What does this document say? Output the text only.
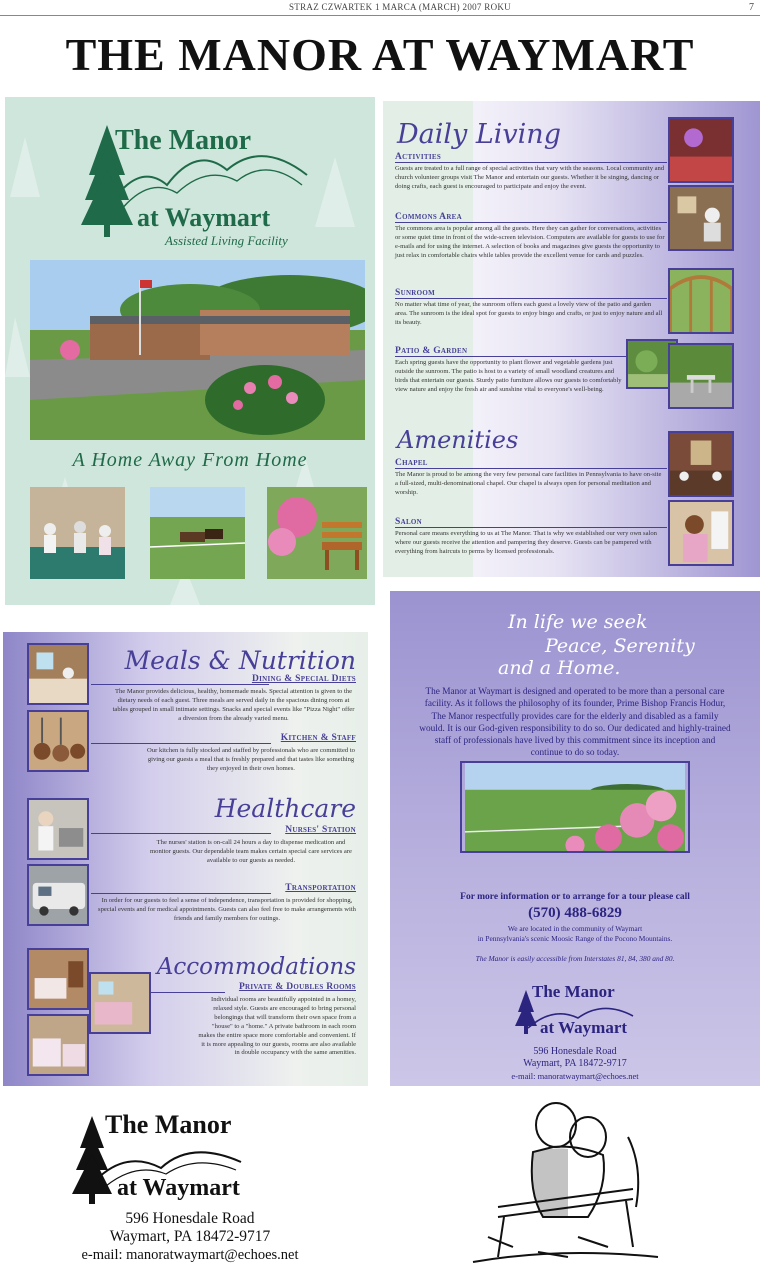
STRAZ CZWARTEK 1 MARCA (MARCH) 2007 ROKU	7
THE MANOR AT WAYMART
The Manor
at Waymart
Assisted Living Facility
A Home Away From Home
Daily Living
Activities
Guests are treated to a full range of special activities that vary with the seasons. Local community and church volunteer groups visit The Manor and entertain our guests. Whether it be singing, dancing or doing crafts, each guest is encouraged to participate and enjoy the event.
Commons Area
The commons area is popular among all the guests. Here they can gather for conversations, activities or some quiet time in front of the wide-screen television. Computers are available for guests to use for e-mails and for using the internet. A selection of books and magazines give guests the opportunity to just relax in comfortable chairs while tables provide the excellent venue for cards and puzzles.
Sunroom
No matter what time of year, the sunroom offers each guest a lovely view of the patio and garden area. The sunroom is the ideal spot for guests to enjoy bingo and crafts, or just to enjoy nature and all its beauty.
Patio & Garden
Each spring guests have the opportunity to plant flower and vegetable gardens just outside the sunroom. The patio is host to a variety of small woodland creatures and birds that entertain our guests. Sturdy patio furniture allows our guests to comfortably view nature and enjoy the fresh air and sunshine vital to everyone's well-being.
Amenities
Chapel
The Manor is proud to be among the very few personal care facilities in Pennsylvania to have on-site a full-sized, multi-denominational chapel. Our chapel is always open for personal meditation and worship.
Salon
Personal care means everything to us at The Manor. That is why we established our very own salon where our guests receive the attention and pampering they deserve. Guests can be pampered with everything from haircuts to perms by licensed professionals.
Meals & Nutrition
Dining & Special Diets
The Manor provides delicious, healthy, homemade meals. Special attention is given to the dietary needs of each guest. Three meals are served daily in the spacious dining room at tables grouped in small intimate settings. Snacks and special events like "Pizza Night" offer a diversion from the already varied menu.
Kitchen & Staff
Our kitchen is fully stocked and staffed by professionals who are committed to giving our guests a meal that is freshly prepared and that tastes like something they enjoyed in their own homes.
Healthcare
Nurses' Station
The nurses' station is on-call 24 hours a day to dispense medication and monitor guests. Our dependable team makes certain special care services are available to our guests as needed.
Transportation
In order for our guests to feel a sense of independence, transportation is provided for shopping, special events and for medical appointments. Guests can also feel free to make arrangements with friends and family members for outings.
Accommodations
Private & Doubles Rooms
Individual rooms are beautifully appointed in a homey, relaxed style. Guests are encouraged to bring personal belongings that will transform their own space from a "house" to a "home." A private bathroom in each room makes the entire space more comfortable and convenient. If it is more appealing to our guests, rooms are also available in double occupancy with the same amenities.
In life we seek
Peace, Serenity
and a Home.
The Manor at Waymart is designed and operated to be more than a personal care facility. As it follows the philosophy of its founder, Prime Bishop Francis Hodur, The Manor respectfully provides care for the elderly and disabled as a family would. It is our God-given responsibility to do so. Our dedicated and highly-trained staff of professionals have lived by this commitment since its inception and continue to do so today.
For more information or to arrange for a tour please call
(570) 488-6829
We are located in the community of Waymart
in Pennsylvania's scenic Moosic Range of the Pocono Mountains.
The Manor is easily accessible from Interstates 81, 84, 380 and 80.
The Manor
at Waymart
596 Honesdale Road
Waymart, PA 18472-9717
e-mail: manoratwaymart@echoes.net
The Manor
at Waymart
596 Honesdale Road
Waymart, PA 18472-9717
e-mail: manoratwaymart@echoes.net
